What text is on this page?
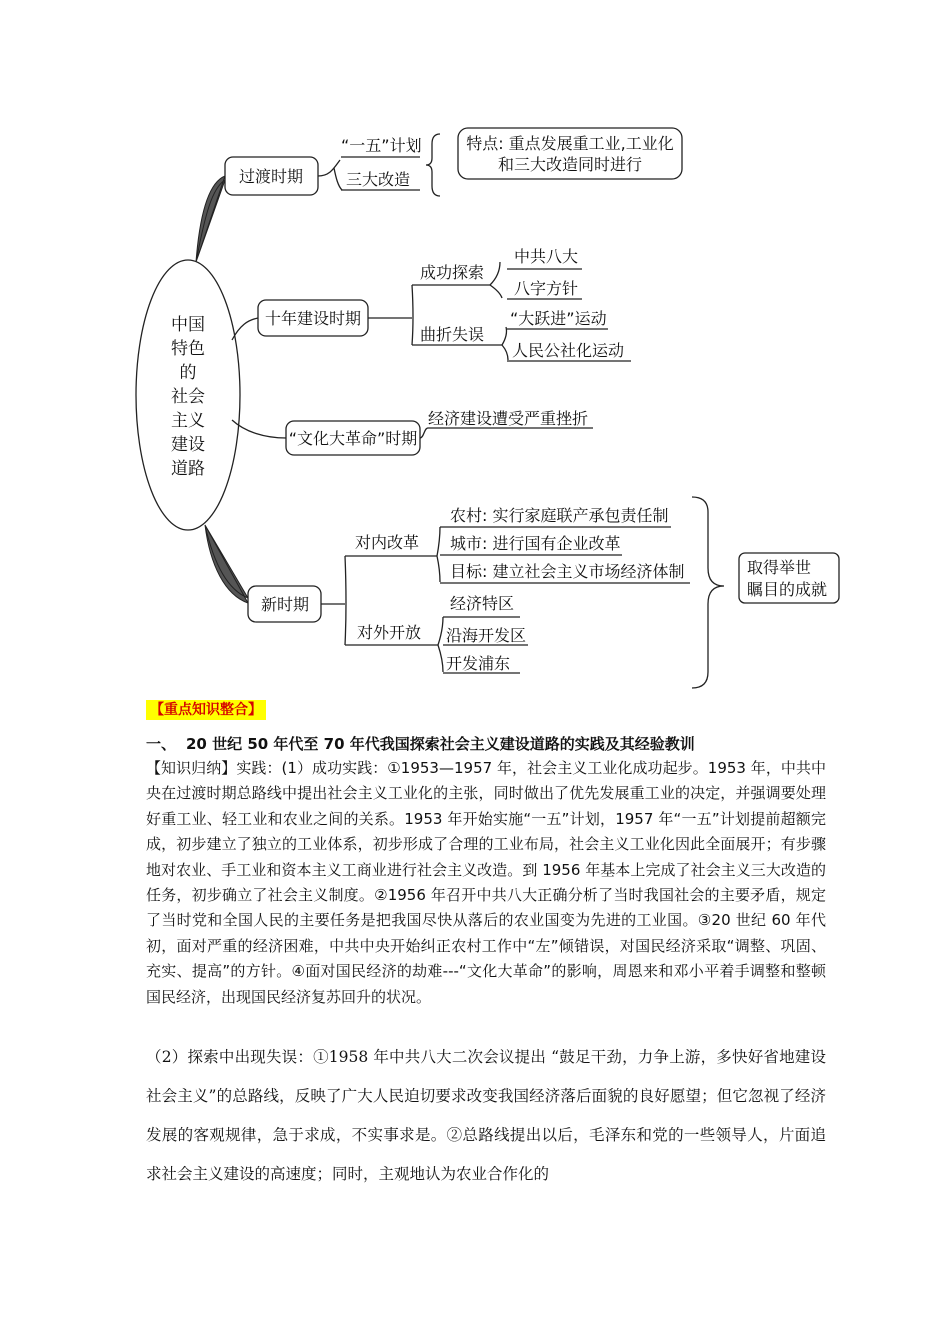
中国
特色
的
社会
主义
建设
道路
过渡时期
“一五”计划
三大改造
特点: 重点发展重工业,工业化
和三大改造同时进行
十年建设时期
成功探索
曲折失误
中共八大
八字方针
“大跃进”运动
人民公社化运动
“文化大革命”时期
经济建设遭受严重挫折
新时期
对内改革
对外开放
农村: 实行家庭联产承包责任制
城市: 进行国有企业改革
目标: 建立社会主义市场经济体制
经济特区
沿海开发区
开发浦东
取得举世
瞩目的成就
【重点知识整合】
一、 20 世纪 50 年代至 70 年代我国探索社会主义建设道路的实践及其经验教训
【知识归纳】实践：(1）成功实践：①1953—1957 年，社会主义工业化成功起步。1953 年，中共中央在过渡时期总路线中提出社会主义工业化的主张，同时做出了优先发展重工业的决定，并强调要处理好重工业、轻工业和农业之间的关系。1953 年开始实施“一五”计划，1957 年“一五”计划提前超额完成，初步建立了独立的工业体系，初步形成了合理的工业布局，社会主义工业化因此全面展开；有步骤地对农业、手工业和资本主义工商业进行社会主义改造。到 1956 年基本上完成了社会主义三大改造的任务，初步确立了社会主义制度。②1956 年召开中共八大正确分析了当时我国社会的主要矛盾，规定了当时党和全国人民的主要任务是把我国尽快从落后的农业国变为先进的工业国。③20 世纪 60 年代初，面对严重的经济困难，中共中央开始纠正农村工作中“左”倾错误，对国民经济采取“调整、巩固、充实、提高”的方针。④面对国民经济的劫难---“文化大革命”的影响，周恩来和邓小平着手调整和整顿国民经济，出现国民经济复苏回升的状况。
（2）探索中出现失误：①1958 年中共八大二次会议提出 “鼓足干劲，力争上游，多快好省地建设社会主义”的总路线，反映了广大人民迫切要求改变我国经济落后面貌的良好愿望；但它忽视了经济发展的客观规律，急于求成，不实事求是。②总路线提出以后，毛泽东和党的一些领导人，片面追求社会主义建设的高速度；同时，主观地认为农业合作化的
